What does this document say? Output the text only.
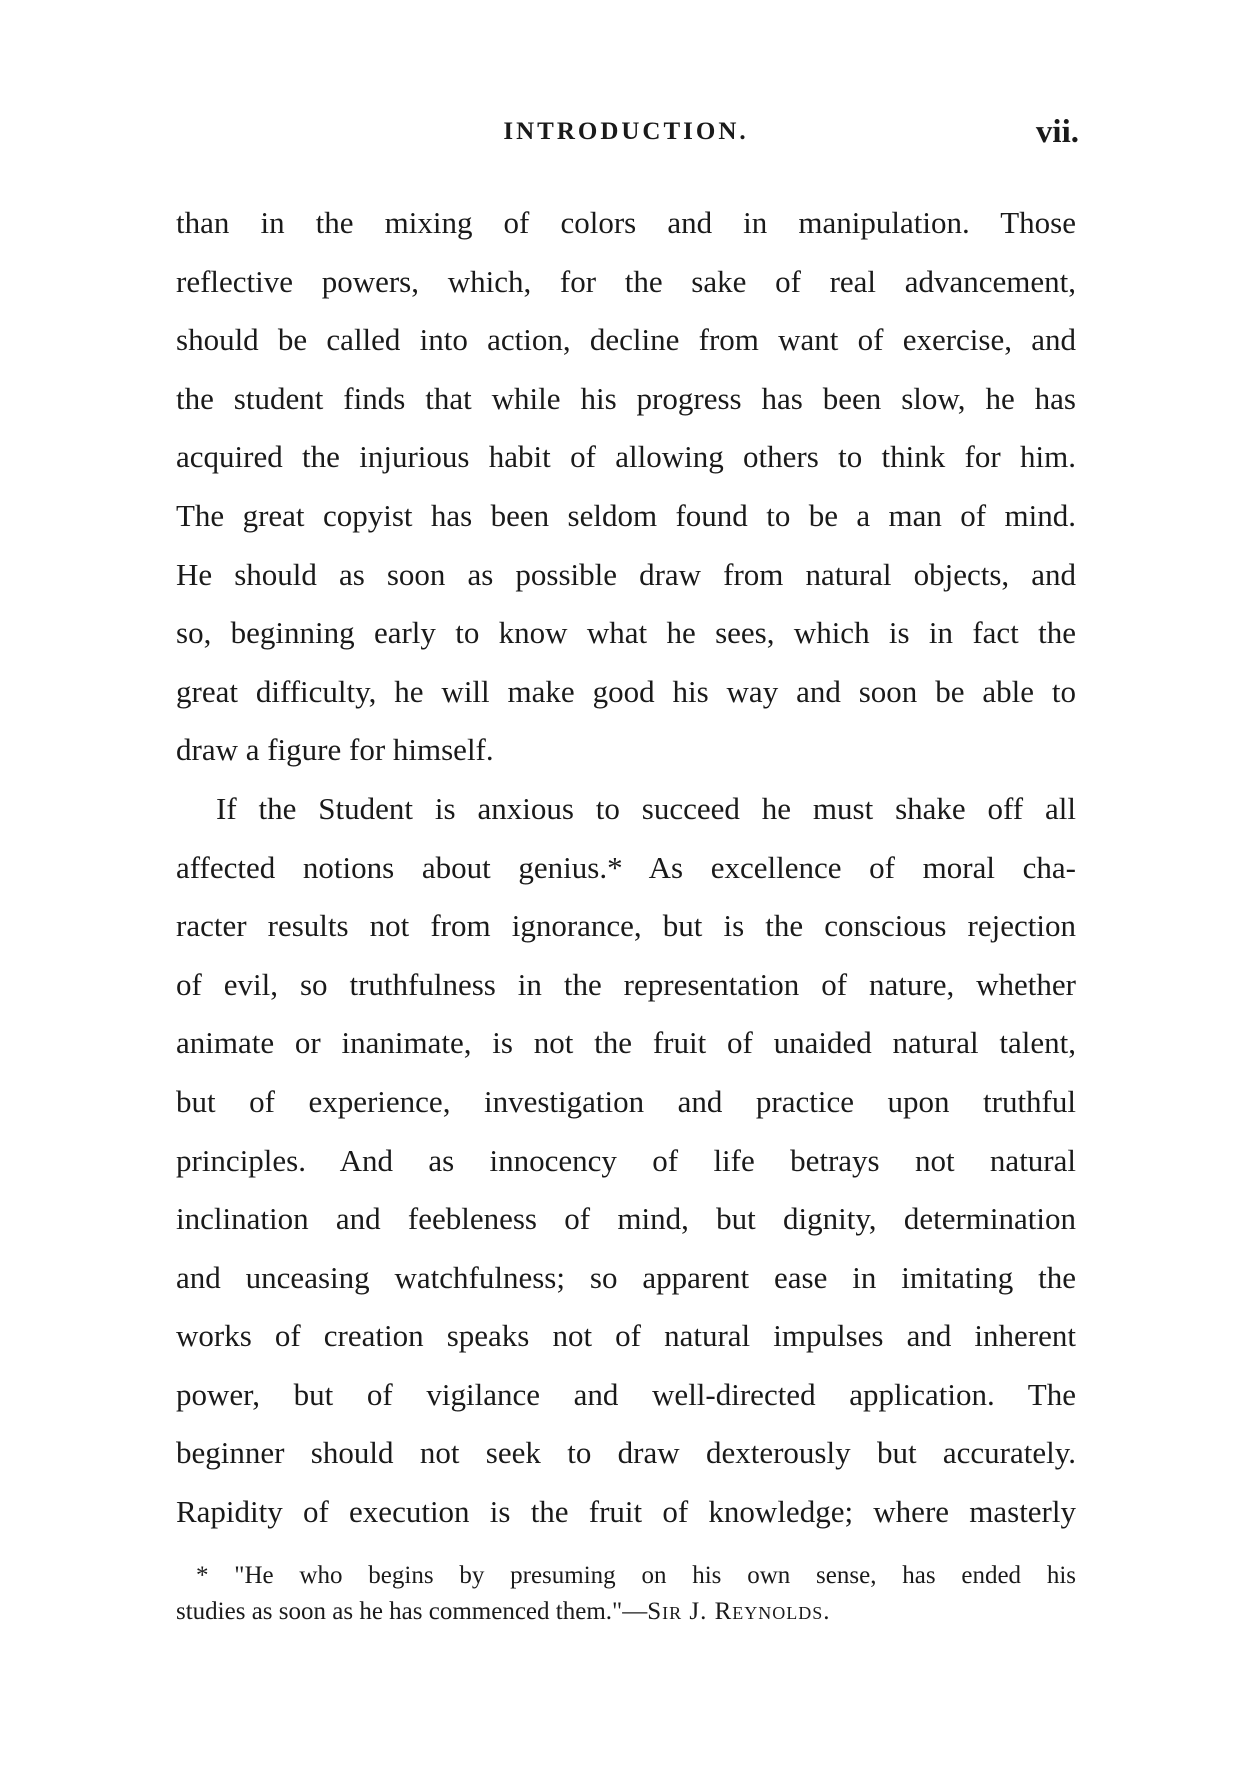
INTRODUCTION.	vii.
than in the mixing of colors and in manipulation. Those
reflective powers, which, for the sake of real advancement,
should be called into action, decline from want of exercise, and
the student finds that while his progress has been slow, he has
acquired the injurious habit of allowing others to think for him.
The great copyist has been seldom found to be a man of mind.
He should as soon as possible draw from natural objects, and
so, beginning early to know what he sees, which is in fact the
great difficulty, he will make good his way and soon be able to
draw a figure for himself.
If the Student is anxious to succeed he must shake off all
affected notions about genius.* As excellence of moral cha-
racter results not from ignorance, but is the conscious rejection
of evil, so truthfulness in the representation of nature, whether
animate or inanimate, is not the fruit of unaided natural talent,
but of experience, investigation and practice upon truthful
principles. And as innocency of life betrays not natural
inclination and feebleness of mind, but dignity, determination
and unceasing watchfulness; so apparent ease in imitating the
works of creation speaks not of natural impulses and inherent
power, but of vigilance and well-directed application. The
beginner should not seek to draw dexterously but accurately.
Rapidity of execution is the fruit of knowledge; where masterly
* "He who begins by presuming on his own sense, has ended his
studies as soon as he has commenced them."—Sir J. Reynolds.
